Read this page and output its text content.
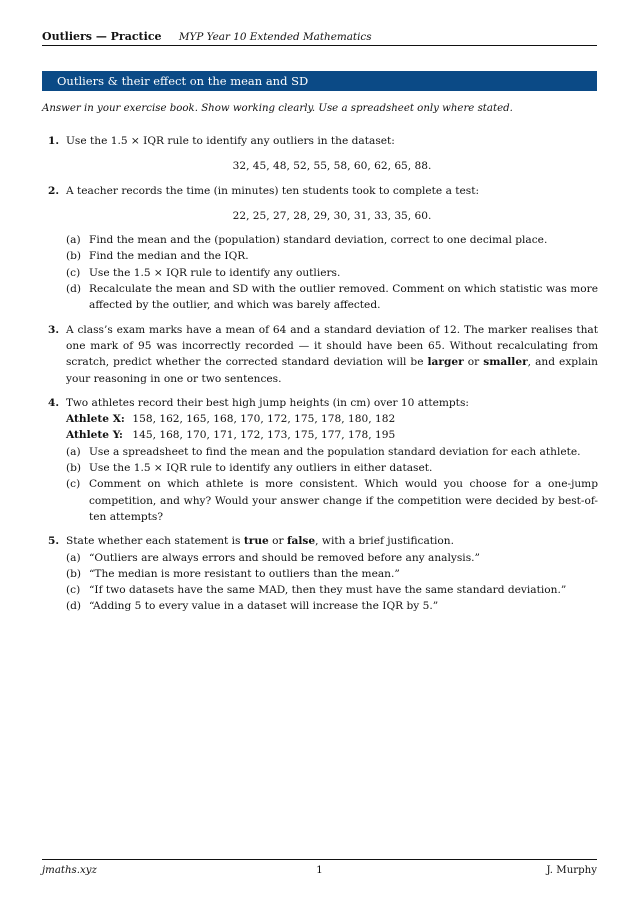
Outliers — Practice MYP Year 10 Extended Mathematics
Outliers & their effect on the mean and SD
Answer in your exercise book. Show working clearly. Use a spreadsheet only where stated.
1. Use the 1.5 × IQR rule to identify any outliers in the dataset:
32, 45, 48, 52, 55, 58, 60, 62, 65, 88.
2. A teacher records the time (in minutes) ten students took to complete a test:
22, 25, 27, 28, 29, 30, 31, 33, 35, 60.
(a) Find the mean and the (population) standard deviation, correct to one decimal place.
(b) Find the median and the IQR.
(c) Use the 1.5 × IQR rule to identify any outliers.
(d) Recalculate the mean and SD with the outlier removed. Comment on which statistic was more affected by the outlier, and which was barely affected.
3. A class’s exam marks have a mean of 64 and a standard deviation of 12. The marker realises that one mark of 95 was incorrectly recorded — it should have been 65. Without recalculating from scratch, predict whether the corrected standard deviation will be larger or smaller, and explain your reasoning in one or two sentences.
4. Two athletes record their best high jump heights (in cm) over 10 attempts:
Athlete X: 158, 162, 165, 168, 170, 172, 175, 178, 180, 182
Athlete Y: 145, 168, 170, 171, 172, 173, 175, 177, 178, 195
(a) Use a spreadsheet to find the mean and the population standard deviation for each athlete.
(b) Use the 1.5 × IQR rule to identify any outliers in either dataset.
(c) Comment on which athlete is more consistent. Which would you choose for a one-jump competition, and why? Would your answer change if the competition were decided by best-of-ten attempts?
5. State whether each statement is true or false, with a brief justification.
(a) “Outliers are always errors and should be removed before any analysis.”
(b) “The median is more resistant to outliers than the mean.”
(c) “If two datasets have the same MAD, then they must have the same standard deviation.”
(d) “Adding 5 to every value in a dataset will increase the IQR by 5.”
jmaths.xyz	1	J. Murphy
